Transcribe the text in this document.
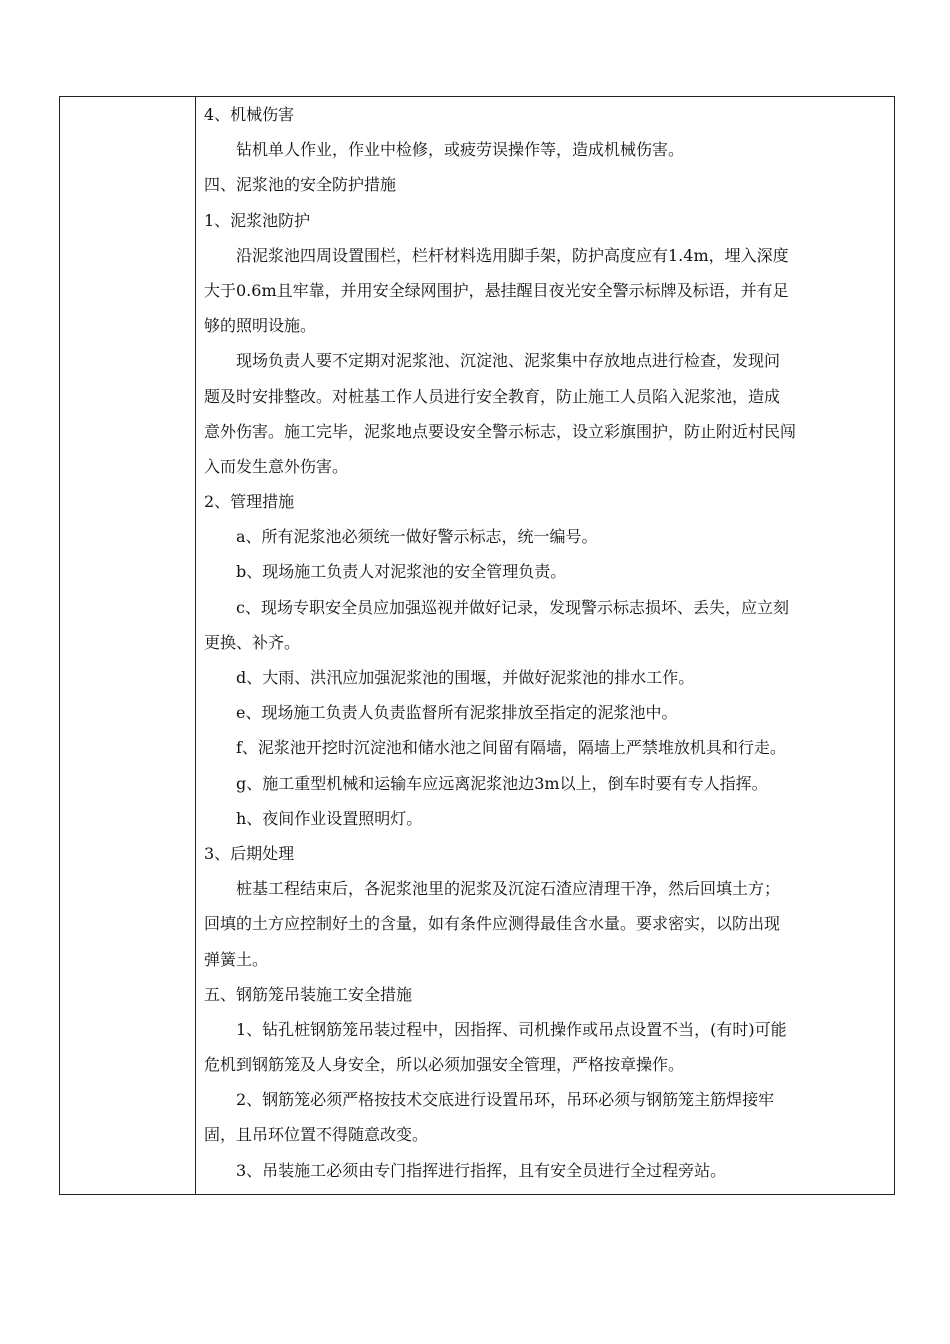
4、机械伤害

钻机单人作业，作业中检修，或疲劳误操作等，造成机械伤害。

四、泥浆池的安全防护措施

1、泥浆池防护

沿泥浆池四周设置围栏，栏杆材料选用脚手架，防护高度应有1.4m，埋入深度

大于0.6m且牢靠，并用安全绿网围护，悬挂醒目夜光安全警示标牌及标语，并有足

够的照明设施。

现场负责人要不定期对泥浆池、沉淀池、泥浆集中存放地点进行检查，发现问

题及时安排整改。对桩基工作人员进行安全教育，防止施工人员陷入泥浆池，造成

意外伤害。施工完毕，泥浆地点要设安全警示标志，设立彩旗围护，防止附近村民闯

入而发生意外伤害。

2、管理措施

a、所有泥浆池必须统一做好警示标志，统一编号。

b、现场施工负责人对泥浆池的安全管理负责。

c、现场专职安全员应加强巡视并做好记录，发现警示标志损坏、丢失，应立刻

更换、补齐。

d、大雨、洪汛应加强泥浆池的围堰，并做好泥浆池的排水工作。

e、现场施工负责人负责监督所有泥浆排放至指定的泥浆池中。

f、泥浆池开挖时沉淀池和储水池之间留有隔墙，隔墙上严禁堆放机具和行走。

g、施工重型机械和运输车应远离泥浆池边3m以上，倒车时要有专人指挥。

h、夜间作业设置照明灯。

3、后期处理

桩基工程结束后，各泥浆池里的泥浆及沉淀石渣应清理干净，然后回填土方；

回填的土方应控制好土的含量，如有条件应测得最佳含水量。要求密实，以防出现

弹簧土。

五、钢筋笼吊装施工安全措施

1、钻孔桩钢筋笼吊装过程中，因指挥、司机操作或吊点设置不当，(有时)可能

危机到钢筋笼及人身安全，所以必须加强安全管理，严格按章操作。

2、钢筋笼必须严格按技术交底进行设置吊环，吊环必须与钢筋笼主筋焊接牢

固，且吊环位置不得随意改变。

3、吊装施工必须由专门指挥进行指挥，且有安全员进行全过程旁站。
